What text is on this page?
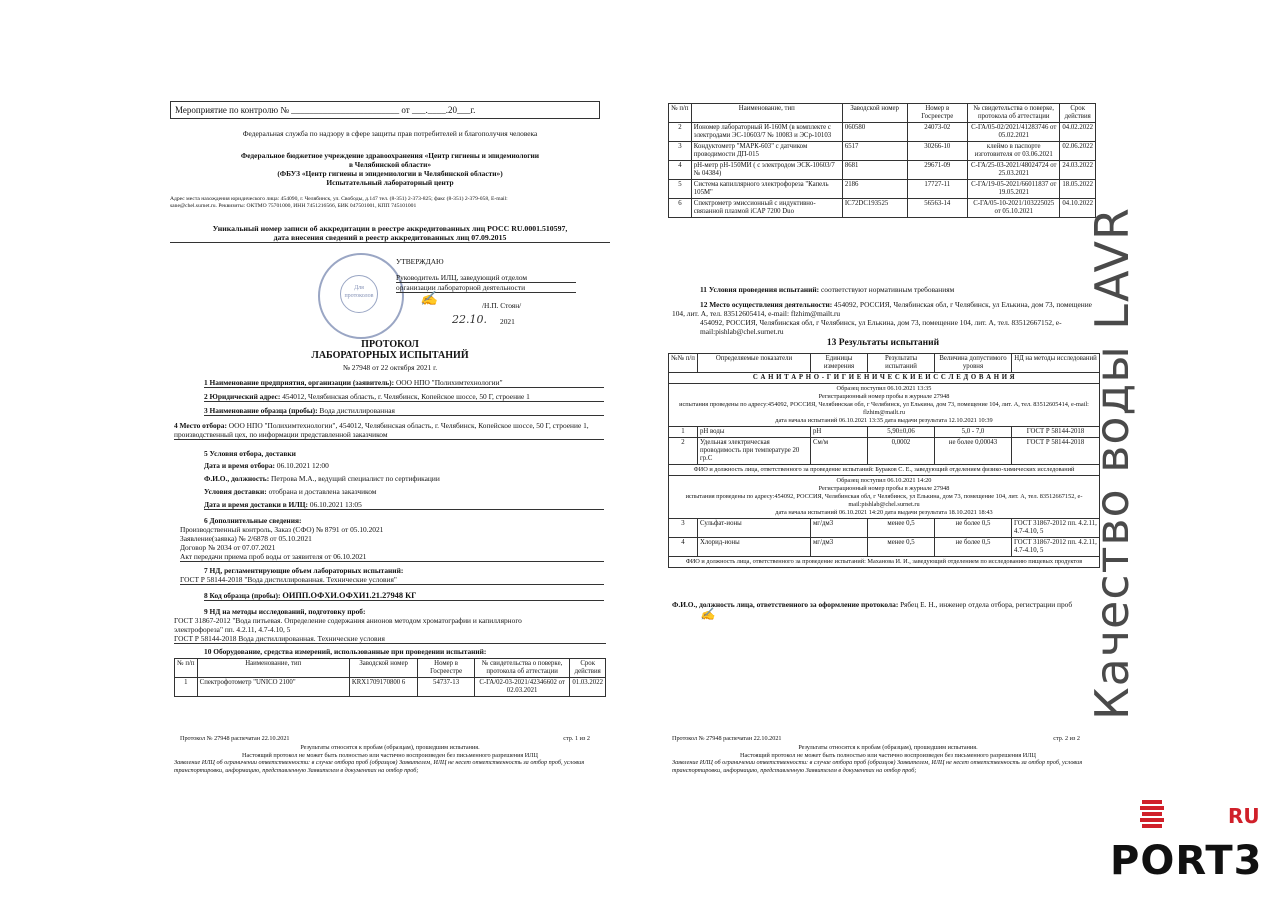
Мероприятие по контролю № ________________________ от ___.____.20___г.
Федеральная служба по надзору в сфере защиты прав потребителей и благополучия человека
Федеральное бюджетное учреждение здравоохранения «Центр гигиены и эпидемиологии
в Челябинской области»
(ФБУЗ «Центр гигиены и эпидемиологии в Челябинской области»)
Испытательный лабораторный центр
Адрес места нахождения юридического лица: 454090, г. Челябинск, ул. Свободы, д.147 тел. (8-351) 2-373-825; факс (8-351) 2-379-058, E-mail:
sane@chel.surnet.ru. Реквизиты: ОКТМО 75701000, ИНН 7451216566, БИК 047501001, КПП 745101001
Уникальный номер записи об аккредитации в реестре аккредитованных лиц РОСС RU.0001.510597,
дата внесения сведений в реестр аккредитованных лиц 07.09.2015
Для протоколов
УТВЕРЖДАЮ
Руководитель ИЛЦ, заведующий отделом
организации лабораторной деятельности
✍	/Н.П. Стоян/
22.10. 2021
ПРОТОКОЛ
ЛАБОРАТОРНЫХ ИСПЫТАНИЙ
№ 27948 от 22 октября 2021 г.
1 Наименование предприятия, организации (заявитель): ООО НПО "Полихимтехнологии"
2 Юридический адрес: 454012, Челябинская область, г. Челябинск, Копейское шоссе, 50 Г, строение 1
3 Наименование образца (пробы): Вода дистиллированная
4 Место отбора: ООО НПО "Полихимтехнологии", 454012, Челябинская область, г. Челябинск, Копейское шоссе, 50 Г, строение 1, производственный цех, по информации представленной заказчиком
5 Условия отбора, доставки
Дата и время отбора: 06.10.2021 12:00
Ф.И.О., должность: Петрова М.А., ведущий специалист по сертификации
Условия доставки: отобрана и доставлена заказчиком
Дата и время доставки в ИЛЦ: 06.10.2021 13:05
6 Дополнительные сведения:
Производственный контроль, Заказ (СФО) № 8791 от 05.10.2021
Заявление(заявка) № 2/6878 от 05.10.2021
Договор № 2034 от 07.07.2021
Акт передачи приема проб воды от заявителя от 06.10.2021
7 НД, регламентирующие объем лабораторных испытаний:
ГОСТ Р 58144-2018 "Вода дистиллированная. Технические условия"
8 Код образца (пробы): ОИПП.ОФХИ.ОФХИ1.21.27948 КГ
9 НД на методы исследований, подготовку проб:
ГОСТ 31867-2012 "Вода питьевая. Определение содержания анионов методом хроматографии и капиллярного
электрофореза" пп. 4.2.11, 4.7-4.10, 5
ГОСТ Р 58144-2018 Вода дистиллированная. Технические условия
10 Оборудование, средства измерений, использованные при проведении испытаний:
№ п/п	Наименование, тип	Заводской номер	Номер в Госреестре	№ свидетельства о поверке, протокола об аттестации	Срок действия
1	Спектрофотометр "UNICO 2100"	KRX1709170800 6	54737-13	С-ГА/02-03-2021/42346602 от 02.03.2021	01.03.2022
Протокол № 27948 распечатан 22.10.2021	стр. 1 из 2
Результаты относятся к пробам (образцам), прошедшим испытания.
Настоящий протокол не может быть полностью или частично воспроизведен без письменного разрешения ИЛЦ
Заявление ИЛЦ об ограничении ответственности: в случае отбора проб (образцов) Заявителем, ИЛЦ не несет ответственность за отбор проб, условия транспортировки, информацию, представленную Заявителем в документах на отбор проб;
№ п/п	Наименование, тип	Заводской номер	Номер в Госреестре	№ свидетельства о поверке, протокола об аттестации	Срок действия
2	Иономер лабораторный И-160М (в комплекте с электродами ЭС-10603/7 № 10083 и ЭСр-10103	060580	24073-02	С-ГА/05-02/2021/41283746 от 05.02.2021	04.02.2022
3	Кондуктометр "МАРК-603" с датчиком проводимости ДП-015	6517	30266-10	клеймо в паспорте изготовителя от 03.06.2021	02.06.2022
4	pH-метр pH-150МИ ( с электродом ЭСК-10603/7 № 04384)	8681	29671-09	С-ГА/25-03-2021/48024724 от 25.03.2021	24.03.2022
5	Система капиллярного электрофореза "Капель 105М"	2186	17727-11	С-ГА/19-05-2021/66011837 от 19.05.2021	18.05.2022
6	Спектрометр эмиссионный с индуктивно-связанной плазмой iCAP 7200 Duo	IC72DC193525	56563-14	С-ГА/05-10-2021/103225025 от 05.10.2021	04.10.2022
11 Условия проведения испытаний: соответствуют нормативным требованиям
12 Место осуществления деятельности: 454092, РОССИЯ, Челябинская обл, г Челябинск, ул Елькина, дом 73, помещение 104, лит. А, тел. 83512605414, e-mail: flzhim@mailt.ru
454092, РОССИЯ, Челябинская обл, г Челябинск, ул Елькина, дом 73, помещение 104, лит. А, тел. 83512667152, e-mail:pishlab@chel.surnet.ru
13 Результаты испытаний
№№ п/п	Определяемые показатели	Единицы измерения	Результаты испытаний	Величина допустимого уровня	НД на методы исследований
С А Н И Т А Р Н О - Г И Г И Е Н И Ч Е С К И Е И С С Л Е Д О В А Н И Я					

Образец поступил 06.10.2021 13:35
Регистрационный номер пробы в журнале 27948
испытания проведены по адресу:454092, РОССИЯ, Челябинская обл, г Челябинск, ул Елькина, дом 73, помещение 104, лит. А, тел. 83512605414, e-mail: flzhim@mailt.ru
дата начала испытаний 06.10.2021 13:35 дата выдачи результата 12.10.2021 10:39					

1	pH воды	pH	5,90±0,06	5,0 - 7,0	ГОСТ Р 58144-2018
2	Удельная электрическая проводимость при температуре 20 гр.С	См/м	0,0002	не более 0,00043	ГОСТ Р 58144-2018
ФИО и должность лица, ответственного за проведение испытаний: Бураков С. Е., заведующий отделением физико-химических исследований					

Образец поступил 06.10.2021 14:20
Регистрационный номер пробы в журнале 27948
испытания проведены по адресу:454092, РОССИЯ, Челябинская обл, г Челябинск, ул Елькина, дом 73, помещение 104, лит. А, тел. 83512667152, e-mail:pishlab@chel.surnet.ru
дата начала испытаний 06.10.2021 14:20 дата выдачи результата 18.10.2021 18:43					

3	Сульфат-ионы	мг/дм3	менее 0,5	не более 0,5	ГОСТ 31867-2012 пп. 4.2.11, 4.7-4.10, 5
4	Хлорид-ионы	мг/дм3	менее 0,5	не более 0,5	ГОСТ 31867-2012 пп. 4.2.11, 4.7-4.10, 5
ФИО и должность лица, ответственного за проведение испытаний: Маханова И. И., заведующий отделением по исследованию пищевых продуктов					
Ф.И.О., должность лица, ответственного за оформление протокола: Рябец Е. Н., инженер отдела отбора, регистрации проб
✍
Протокол № 27948 распечатан 22.10.2021	стр. 2 из 2
Результаты относятся к пробам (образцам), прошедшим испытания.
Настоящий протокол не может быть полностью или частично воспроизведен без письменного разрешения ИЛЦ
Заявление ИЛЦ об ограничении ответственности: в случае отбора проб (образцов) Заявителем, ИЛЦ не несет ответственность за отбор проб, условия транспортировки, информацию, представленную Заявителем в документах на отбор проб;
Качество воды LAVR
RU
PORT3
